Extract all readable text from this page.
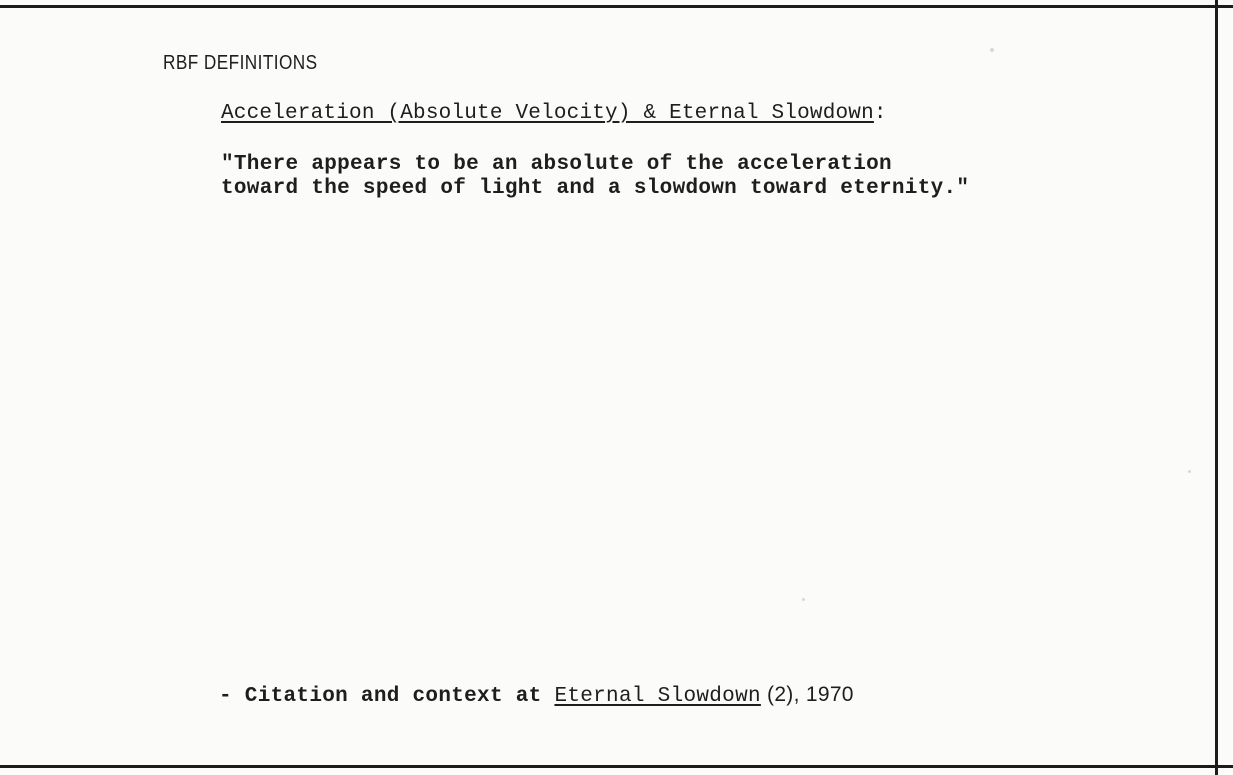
RBF DEFINITIONS
Acceleration (Absolute Velocity) & Eternal Slowdown:
"There appears to be an absolute of the acceleration
toward the speed of light and a slowdown toward eternity."
- Citation and context at Eternal Slowdown (2), 1970
